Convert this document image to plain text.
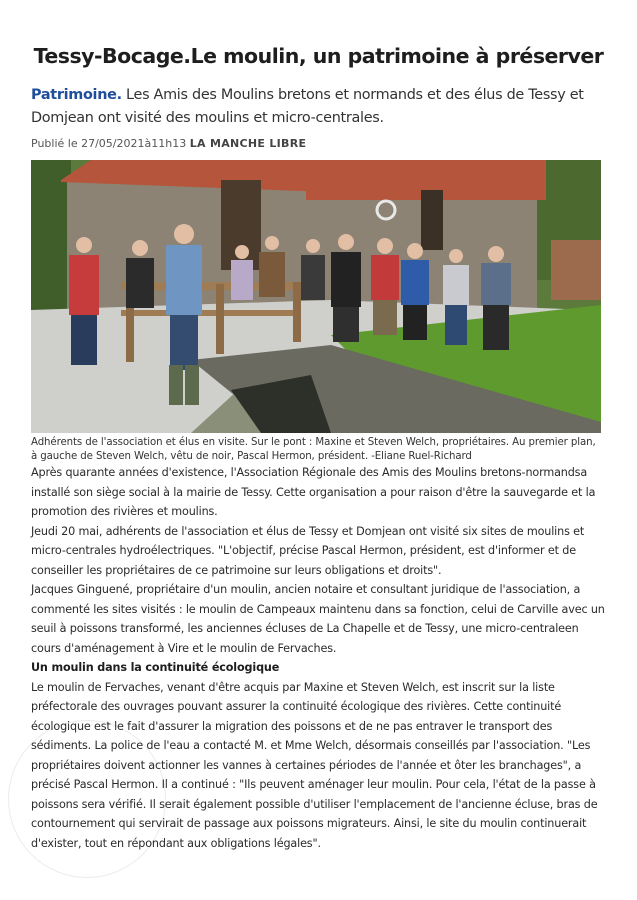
Tessy-Bocage.Le moulin, un patrimoine à préserver
Patrimoine. Les Amis des Moulins bretons et normands et des élus de Tessy et Domjean ont visité des moulins et micro-centrales.
Publié le 27/05/2021à11h13 LA MANCHE LIBRE
Adhérents de l'association et élus en visite. Sur le pont : Maxine et Steven Welch, propriétaires. Au premier plan, à gauche de Steven Welch, vêtu de noir, Pascal Hermon, président. -Eliane Ruel-Richard

Après quarante années d'existence, l'Association Régionale des Amis des Moulins bretons-normandsa installé son siège social à la mairie de Tessy. Cette organisation a pour raison d'être la sauvegarde et la promotion des rivières et moulins.

Jeudi 20 mai, adhérents de l'association et élus de Tessy et Domjean ont visité six sites de moulins et micro-centrales hydroélectriques. "L'objectif, précise Pascal Hermon, président, est d'informer et de conseiller les propriétaires de ce patrimoine sur leurs obligations et droits".

Jacques Ginguené, propriétaire d'un moulin, ancien notaire et consultant juridique de l'association, a commenté les sites visités : le moulin de Campeaux maintenu dans sa fonction, celui de Carville avec un seuil à poissons transformé, les anciennes écluses de La Chapelle et de Tessy, une micro-centraleen cours d'aménagement à Vire et le moulin de Fervaches.

Un moulin dans la continuité écologique

Le moulin de Fervaches, venant d'être acquis par Maxine et Steven Welch, est inscrit sur la liste préfectorale des ouvrages pouvant assurer la continuité écologique des rivières. Cette continuité écologique est le fait d'assurer la migration des poissons et de ne pas entraver le transport des sédiments. La police de l'eau a contacté M. et Mme Welch, désormais conseillés par l'association. "Les propriétaires doivent actionner les vannes à certaines périodes de l'année et ôter les branchages", a précisé Pascal Hermon. Il a continué : "Ils peuvent aménager leur moulin. Pour cela, l'état de la passe à poissons sera vérifié. Il serait également possible d'utiliser l'emplacement de l'ancienne écluse, bras de contournement qui servirait de passage aux poissons migrateurs. Ainsi, le site du moulin continuerait d'exister, tout en répondant aux obligations légales".
